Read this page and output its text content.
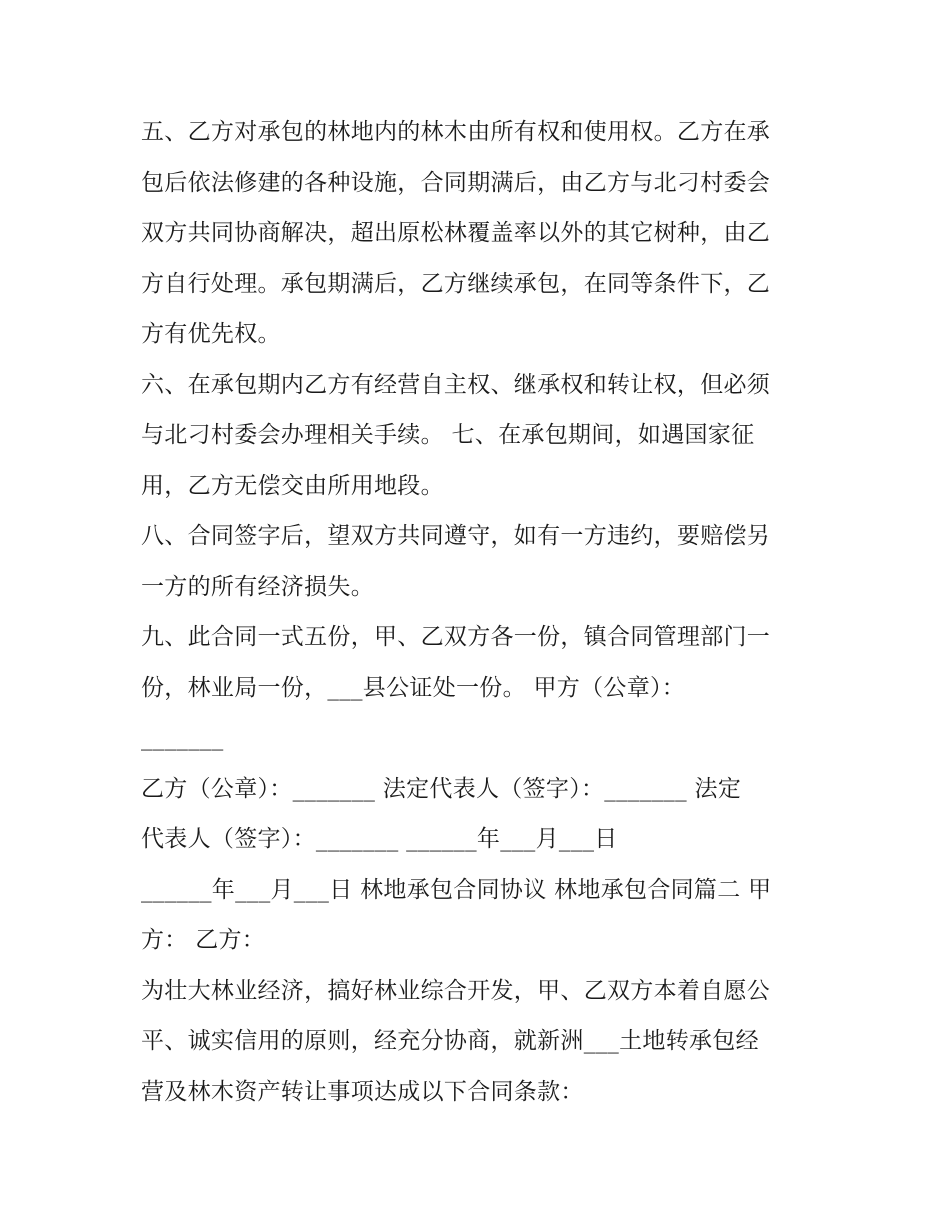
五、乙方对承包的林地内的林木由所有权和使用权。乙方在承
包后依法修建的各种设施，合同期满后，由乙方与北刁村委会
双方共同协商解决，超出原松林覆盖率以外的其它树种，由乙
方自行处理。承包期满后，乙方继续承包，在同等条件下，乙
方有优先权。
六、在承包期内乙方有经营自主权、继承权和转让权，但必须
与北刁村委会办理相关手续。 七、在承包期间，如遇国家征
用，乙方无偿交由所用地段。
八、合同签字后，望双方共同遵守，如有一方违约，要赔偿另
一方的所有经济损失。
九、此合同一式五份，甲、乙双方各一份，镇合同管理部门一
份，林业局一份，___县公证处一份。 甲方（公章）：
_______
乙方（公章）：_______ 法定代表人（签字）：_______ 法定
代表人（签字）：_______ ______年___月___日
______年___月___日 林地承包合同协议 林地承包合同篇二 甲
方： 乙方：
为壮大林业经济，搞好林业综合开发，甲、乙双方本着自愿公
平、诚实信用的原则，经充分协商，就新洲___土地转承包经
营及林木资产转让事项达成以下合同条款：
